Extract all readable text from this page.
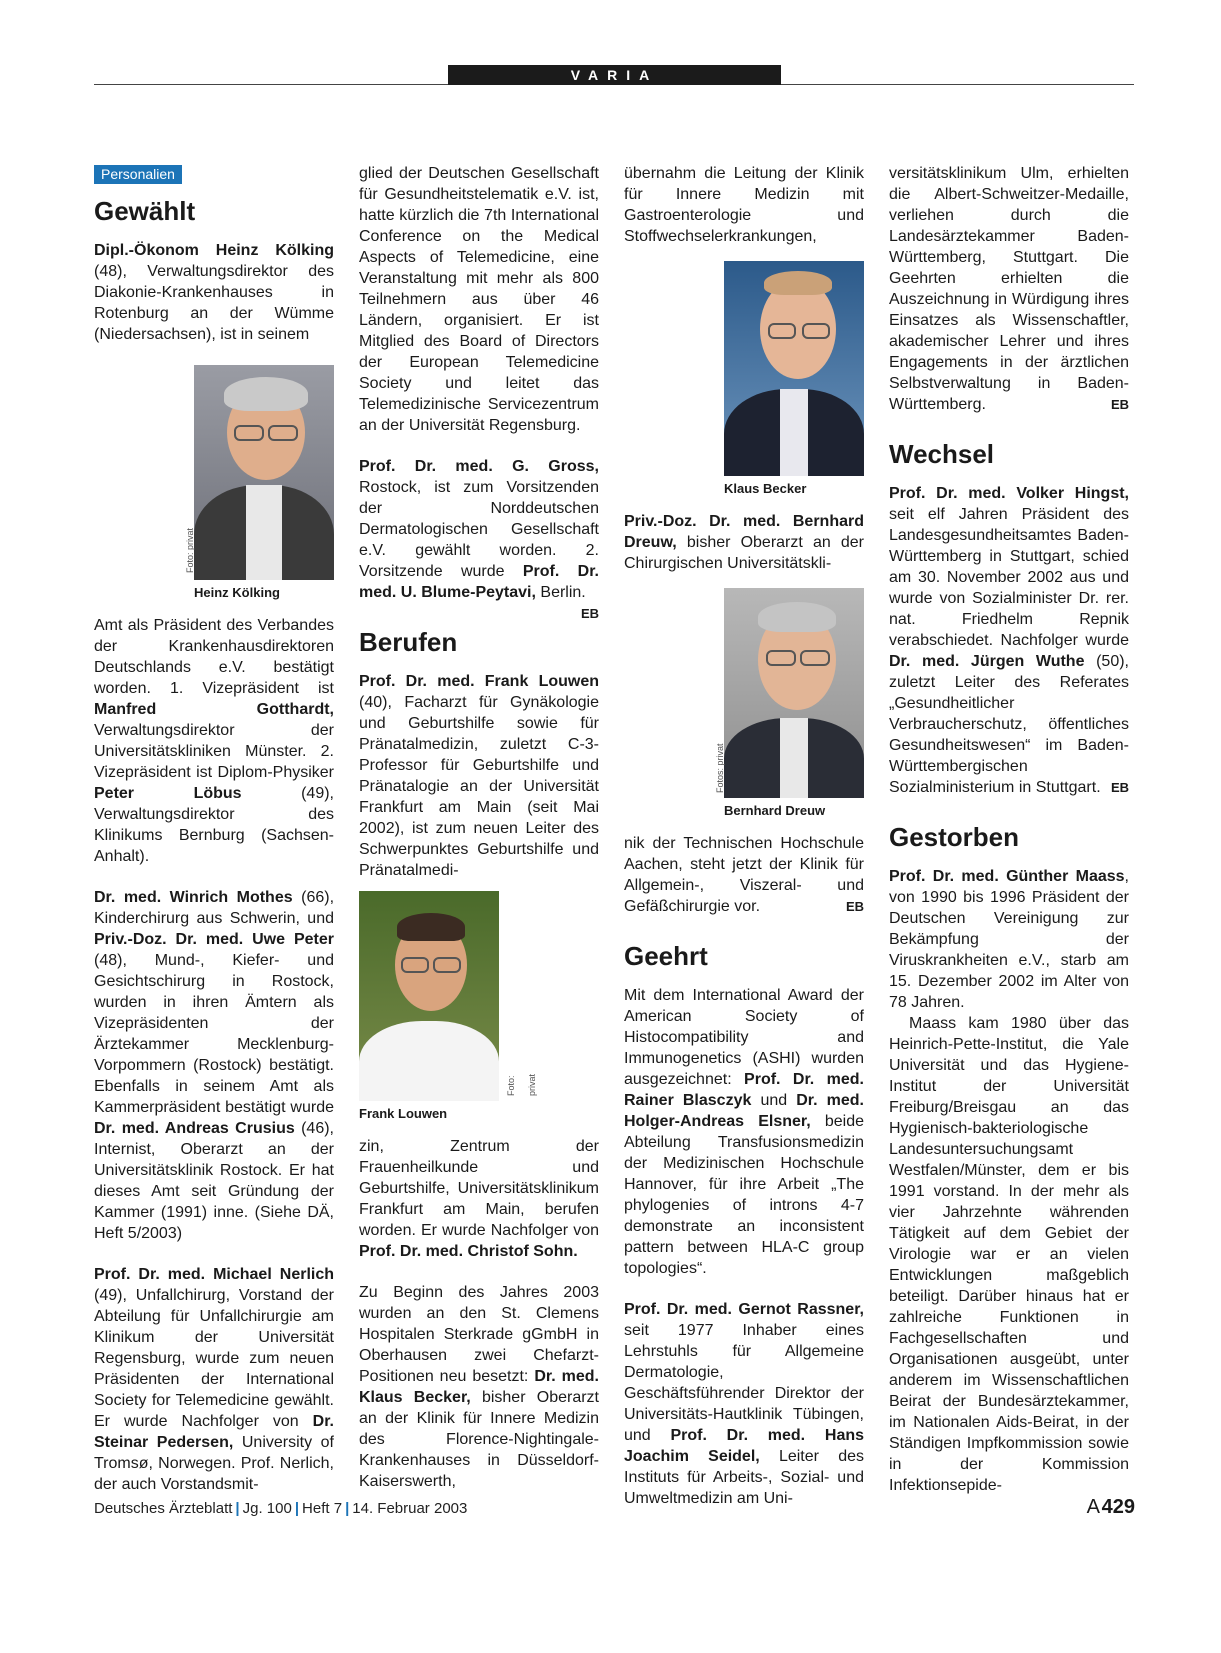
VARIA
Personalien
Gewählt

Dipl.-Ökonom Heinz Kölking (48), Verwaltungsdirektor des Diakonie-Krankenhauses in Rotenburg an der Wümme (Niedersachsen), ist in seinem

Foto: privat
Heinz Kölking

Amt als Präsident des Verbandes der Krankenhausdirektoren Deutschlands e.V. bestätigt worden. 1. Vizepräsident ist Manfred Gotthardt, Verwaltungsdirektor der Universitätskliniken Münster. 2. Vizepräsident ist Diplom-Physiker Peter Löbus (49), Verwaltungsdirektor des Klinikums Bernburg (Sachsen-Anhalt).

Dr. med. Winrich Mothes (66), Kinderchirurg aus Schwerin, und Priv.-Doz. Dr. med. Uwe Peter (48), Mund-, Kiefer- und Gesichtschirurg in Rostock, wurden in ihren Ämtern als Vizepräsidenten der Ärztekammer Mecklenburg-Vorpommern (Rostock) bestätigt. Ebenfalls in seinem Amt als Kammerpräsident bestätigt wurde Dr. med. Andreas Crusius (46), Internist, Oberarzt an der Universitätsklinik Rostock. Er hat dieses Amt seit Gründung der Kammer (1991) inne. (Siehe DÄ, Heft 5/2003)

Prof. Dr. med. Michael Nerlich (49), Unfallchirurg, Vorstand der Abteilung für Unfallchirurgie am Klinikum der Universität Regensburg, wurde zum neuen Präsidenten der International Society for Telemedicine gewählt. Er wurde Nachfolger von Dr. Steinar Pedersen, University of Tromsø, Norwegen. Prof. Nerlich, der auch Vorstandsmit-

glied der Deutschen Gesellschaft für Gesundheitstelematik e.V. ist, hatte kürzlich die 7th International Conference on the Medical Aspects of Telemedicine, eine Veranstaltung mit mehr als 800 Teilnehmern aus über 46 Ländern, organisiert. Er ist Mitglied des Board of Directors der European Telemedicine Society und leitet das Telemedizinische Servicezentrum an der Universität Regensburg.

Prof. Dr. med. G. Gross, Rostock, ist zum Vorsitzenden der Norddeutschen Dermatologischen Gesellschaft e.V. gewählt worden. 2. Vorsitzende wurde Prof. Dr. med. U. Blume-Peytavi, Berlin.
EB

Berufen

Prof. Dr. med. Frank Louwen (40), Facharzt für Gynäkologie und Geburtshilfe sowie für Pränatalmedizin, zuletzt C-3-Professor für Geburtshilfe und Pränatalogie an der Universität Frankfurt am Main (seit Mai 2002), ist zum neuen Leiter des Schwerpunktes Geburtshilfe und Pränatalmedi-

Foto: privat
Frank Louwen

zin, Zentrum der Frauenheilkunde und Geburtshilfe, Universitätsklinikum Frankfurt am Main, berufen worden. Er wurde Nachfolger von Prof. Dr. med. Christof Sohn.

Zu Beginn des Jahres 2003 wurden an den St. Clemens Hospitalen Sterkrade gGmbH in Oberhausen zwei Chefarzt-Positionen neu besetzt: Dr. med. Klaus Becker, bisher Oberarzt an der Klinik für Innere Medizin des Florence-Nightingale-Krankenhauses in Düsseldorf-Kaiserswerth,

übernahm die Leitung der Klinik für Innere Medizin mit Gastroenterologie und Stoffwechselerkrankungen,

Klaus Becker

Priv.-Doz. Dr. med. Bernhard Dreuw, bisher Oberarzt an der Chirurgischen Universitätskli-

Fotos: privat
Bernhard Dreuw

nik der Technischen Hochschule Aachen, steht jetzt der Klinik für Allgemein-, Viszeral- und Gefäßchirurgie vor.	EB

Geehrt

Mit dem International Award der American Society of Histocompatibility and Immunogenetics (ASHI) wurden ausgezeichnet: Prof. Dr. med. Rainer Blasczyk und Dr. med. Holger-Andreas Elsner, beide Abteilung Transfusionsmedizin der Medizinischen Hochschule Hannover, für ihre Arbeit „The phylogenies of introns 4-7 demonstrate an inconsistent pattern between HLA-C group topologies“.

Prof. Dr. med. Gernot Rassner, seit 1977 Inhaber eines Lehrstuhls für Allgemeine Dermatologie, Geschäftsführender Direktor der Universitäts-Hautklinik Tübingen, und Prof. Dr. med. Hans Joachim Seidel, Leiter des Instituts für Arbeits-, Sozial- und Umweltmedizin am Uni-

versitätsklinikum Ulm, erhielten die Albert-Schweitzer-Medaille, verliehen durch die Landesärztekammer Baden-Württemberg, Stuttgart. Die Geehrten erhielten die Auszeichnung in Würdigung ihres Einsatzes als Wissenschaftler, akademischer Lehrer und ihres Engagements in der ärztlichen Selbstverwaltung in Baden-Württemberg.	EB

Wechsel

Prof. Dr. med. Volker Hingst, seit elf Jahren Präsident des Landesgesundheitsamtes Baden-Württemberg in Stuttgart, schied am 30. November 2002 aus und wurde von Sozialminister Dr. rer. nat. Friedhelm Repnik verabschiedet. Nachfolger wurde Dr. med. Jürgen Wuthe (50), zuletzt Leiter des Referates „Gesundheitlicher Verbraucherschutz, öffentliches Gesundheitswesen“ im Baden-Württembergischen Sozialministerium in Stuttgart. EB

Gestorben

Prof. Dr. med. Günther Maass, von 1990 bis 1996 Präsident der Deutschen Vereinigung zur Bekämpfung der Viruskrankheiten e.V., starb am 15. Dezember 2002 im Alter von 78 Jahren.

Maass kam 1980 über das Heinrich-Pette-Institut, die Yale Universität und das Hygiene-Institut der Universität Freiburg/Breisgau an das Hygienisch-bakteriologische Landesuntersuchungsamt Westfalen/Münster, dem er bis 1991 vorstand. In der mehr als vier Jahrzehnte währenden Tätigkeit auf dem Gebiet der Virologie war er an vielen Entwicklungen maßgeblich beteiligt. Darüber hinaus hat er zahlreiche Funktionen in Fachgesellschaften und Organisationen ausgeübt, unter anderem im Wissenschaftlichen Beirat der Bundesärztekammer, im Nationalen Aids-Beirat, in der Ständigen Impfkommission sowie in der Kommission Infektionsepide-

Deutsches Ärzteblatt | Jg. 100 | Heft 7 | 14. Februar 2003	A 429
